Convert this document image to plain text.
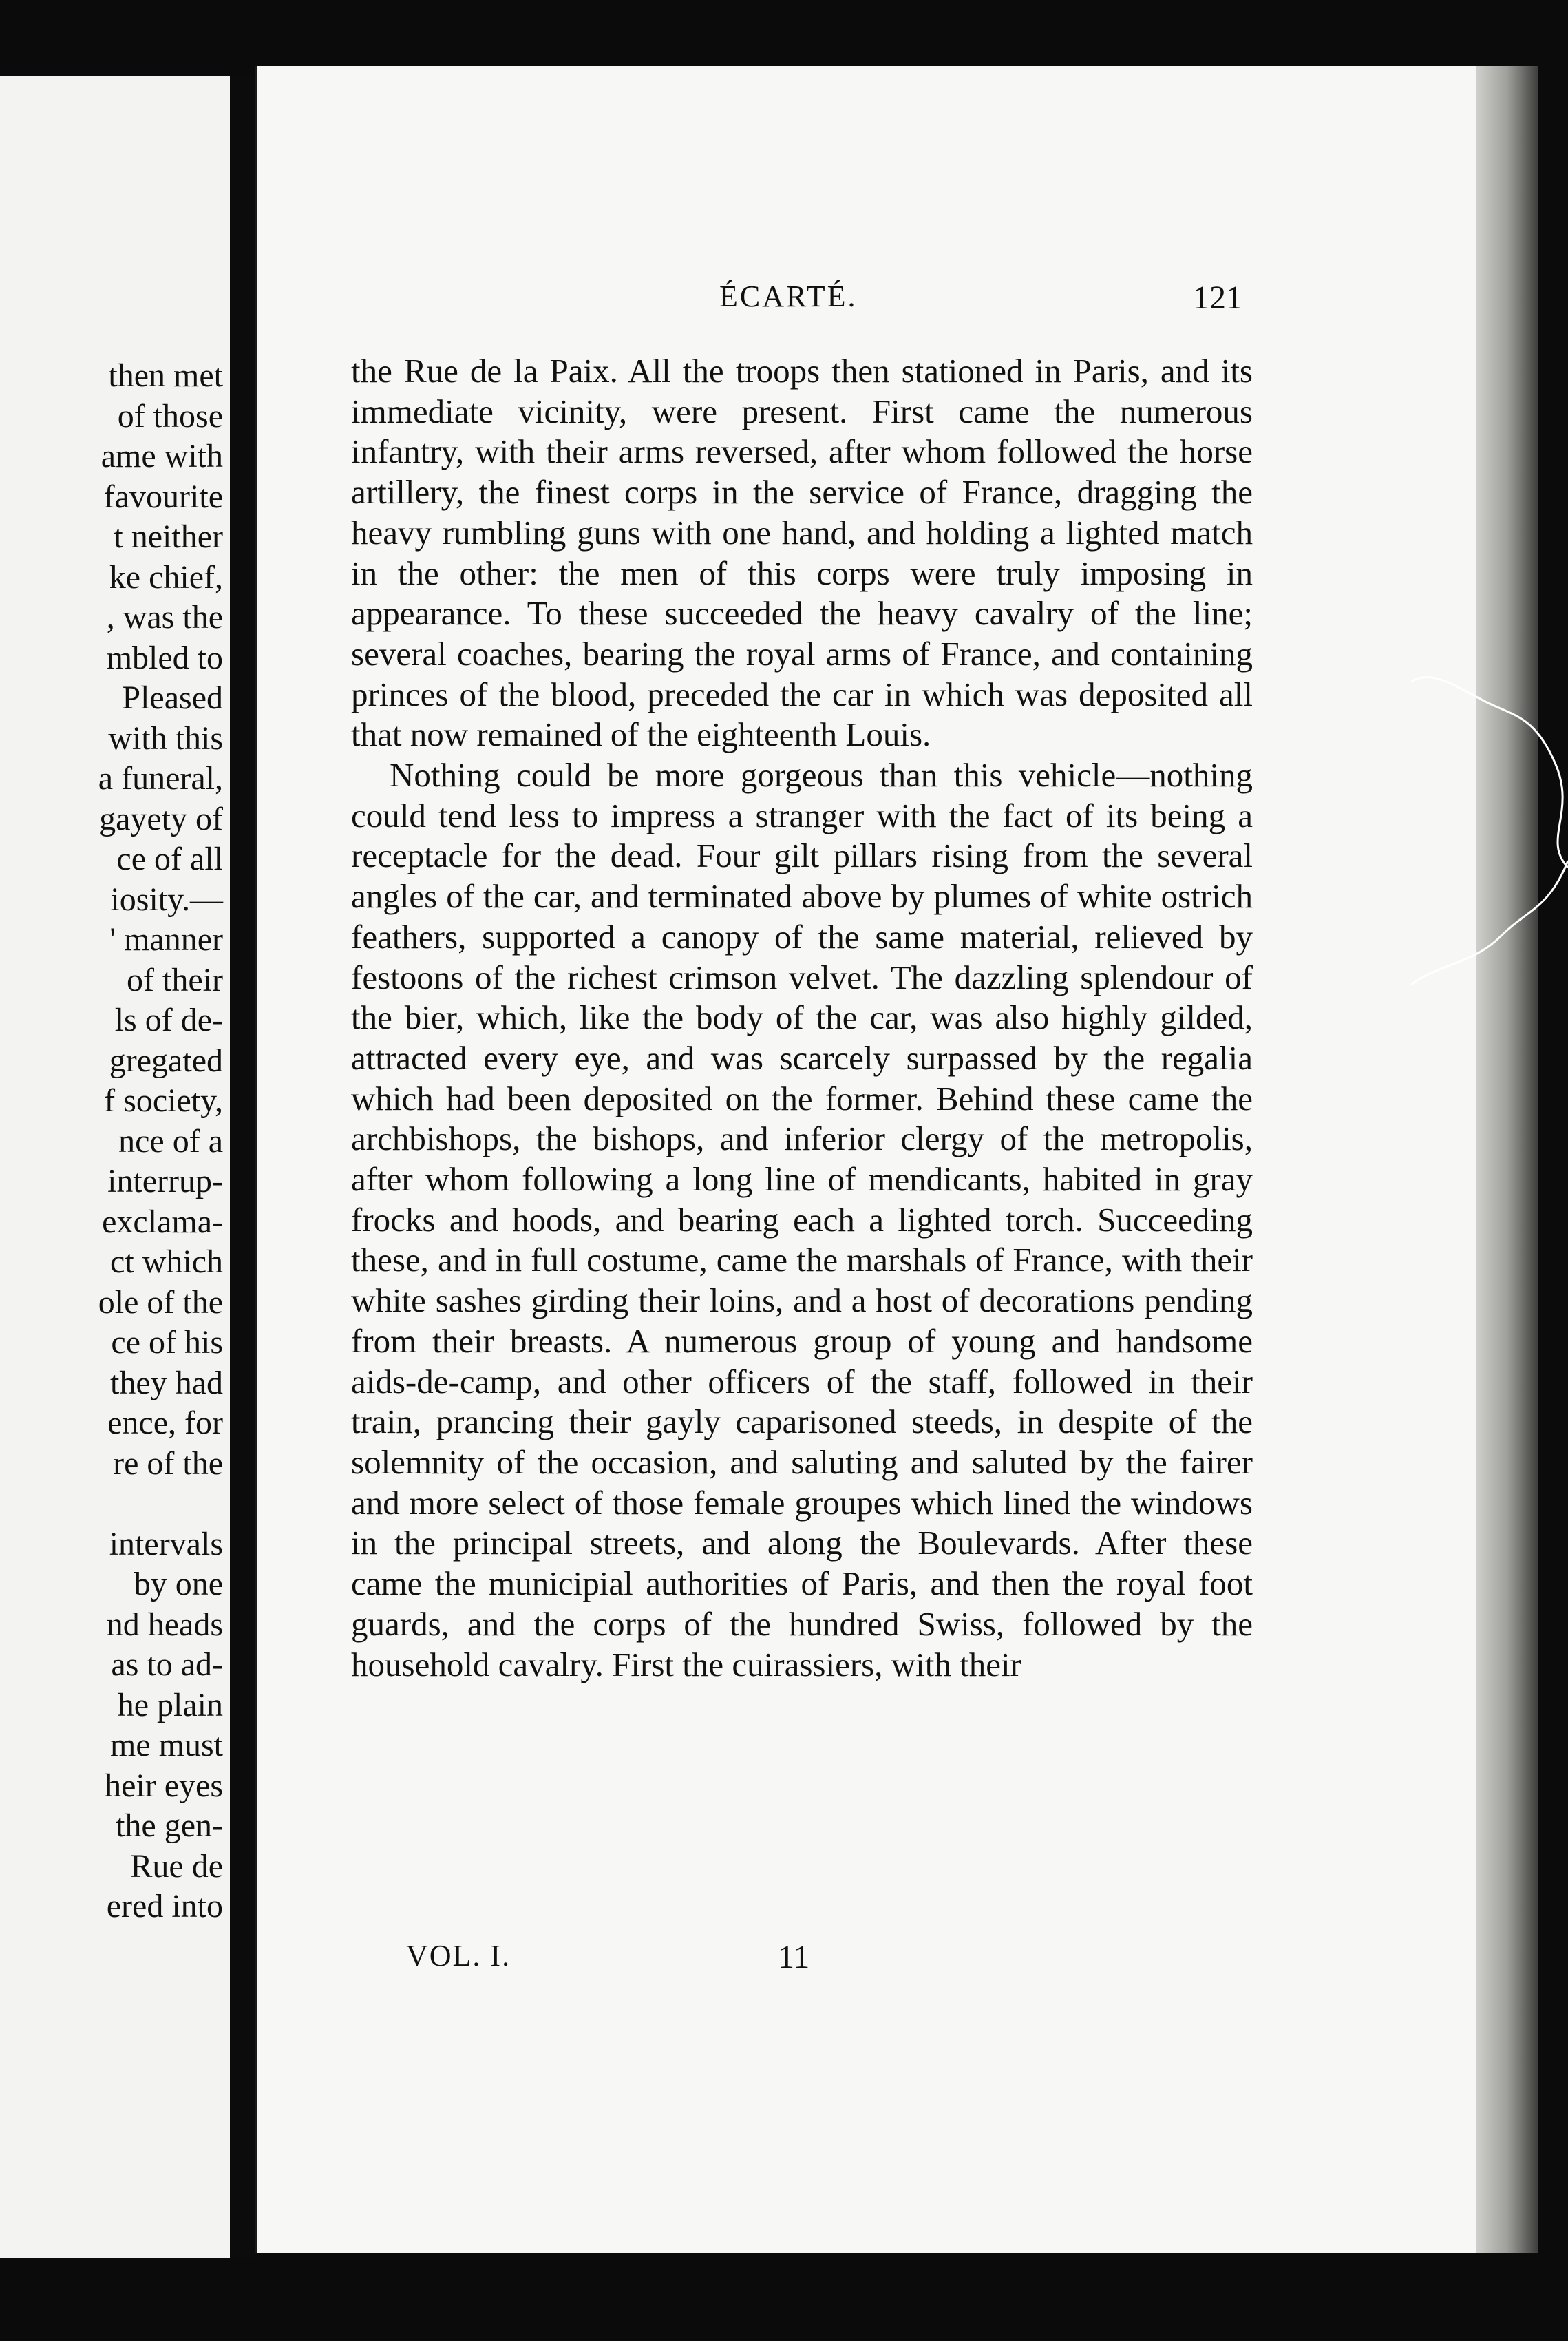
then met
of those
ame with
favourite
t neither
ke chief,
, was the
mbled to
Pleased
with this
a funeral,
gayety of
ce of all
iosity.—
' manner
of their
ls of de-
gregated
f society,
nce of a
interrup-
exclama-
ct which
ole of the
ce of his
they had
ence, for
re of the
intervals
by one
nd heads
as to ad-
he plain
me must
heir eyes
the gen-
Rue de
ered into
ÉCARTÉ.	121

the Rue de la Paix. All the troops then stationed in Paris, and its immediate vicinity, were present. First came the numerous infantry, with their arms reversed, after whom followed the horse artillery, the finest corps in the service of France, dragging the heavy rumbling guns with one hand, and holding a lighted match in the other: the men of this corps were truly imposing in appearance. To these succeeded the heavy cavalry of the line; several coaches, bearing the royal arms of France, and containing princes of the blood, preceded the car in which was deposited all that now remained of the eighteenth Louis.

Nothing could be more gorgeous than this vehicle—nothing could tend less to impress a stranger with the fact of its being a receptacle for the dead. Four gilt pillars rising from the several angles of the car, and terminated above by plumes of white ostrich feathers, supported a canopy of the same material, relieved by festoons of the richest crimson velvet. The dazzling splendour of the bier, which, like the body of the car, was also highly gilded, attracted every eye, and was scarcely surpassed by the regalia which had been deposited on the former. Behind these came the archbishops, the bishops, and inferior clergy of the metropolis, after whom following a long line of mendicants, habited in gray frocks and hoods, and bearing each a lighted torch. Succeeding these, and in full costume, came the marshals of France, with their white sashes girding their loins, and a host of decorations pending from their breasts. A numerous group of young and handsome aids-de-camp, and other officers of the staff, followed in their train, prancing their gayly caparisoned steeds, in despite of the solemnity of the occasion, and saluting and saluted by the fairer and more select of those female groupes which lined the windows in the principal streets, and along the Boulevards. After these came the municipial authorities of Paris, and then the royal foot guards, and the corps of the hundred Swiss, followed by the household cavalry. First the cuirassiers, with their

VOL. I.	11
